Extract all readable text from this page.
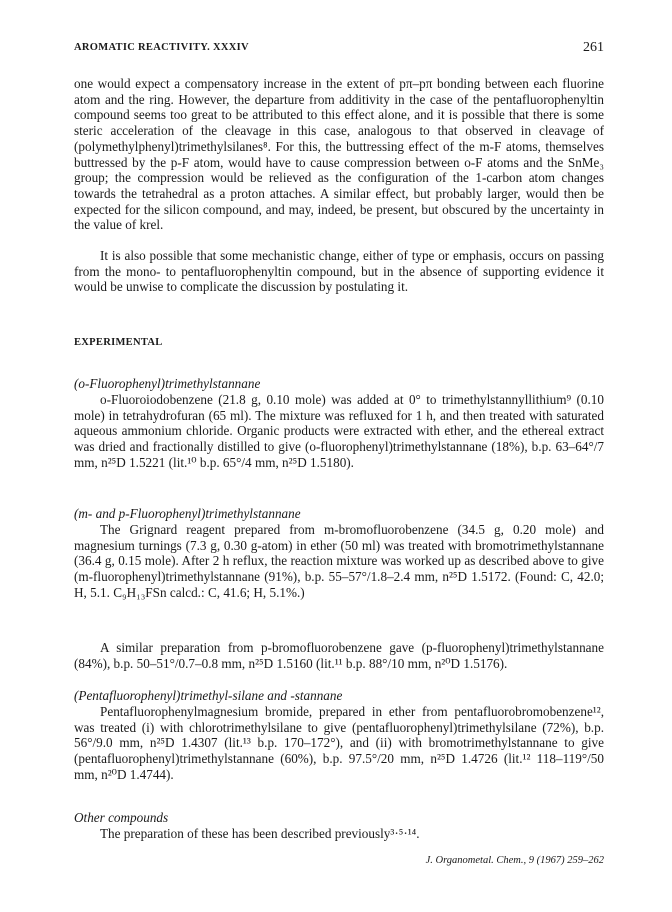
AROMATIC REACTIVITY. XXXIV	261

one would expect a compensatory increase in the extent of pπ–pπ bonding between each fluorine atom and the ring. However, the departure from additivity in the case of the pentafluorophenyltin compound seems too great to be attributed to this effect alone, and it is possible that there is some steric acceleration of the cleavage in this case, analogous to that observed in cleavage of (polymethylphenyl)trimethylsilanes⁸. For this, the buttressing effect of the m-F atoms, themselves buttressed by the p-F atom, would have to cause compression between o-F atoms and the SnMe₃ group; the compression would be relieved as the configuration of the 1-carbon atom changes towards the tetrahedral as a proton attaches. A similar effect, but probably larger, would then be expected for the silicon compound, and may, indeed, be present, but obscured by the uncertainty in the value of krel.

It is also possible that some mechanistic change, either of type or emphasis, occurs on passing from the mono- to pentafluorophenyltin compound, but in the absence of supporting evidence it would be unwise to complicate the discussion by postulating it.

EXPERIMENTAL
(o-Fluorophenyl)trimethylstannane

o-Fluoroiodobenzene (21.8 g, 0.10 mole) was added at 0° to trimethylstannyllithium⁹ (0.10 mole) in tetrahydrofuran (65 ml). The mixture was refluxed for 1 h, and then treated with saturated aqueous ammonium chloride. Organic products were extracted with ether, and the ethereal extract was dried and fractionally distilled to give (o-fluorophenyl)trimethylstannane (18%), b.p. 63–64°/7 mm, n²⁵D 1.5221 (lit.¹⁰ b.p. 65°/4 mm, n²⁵D 1.5180).

(m- and p-Fluorophenyl)trimethylstannane

The Grignard reagent prepared from m-bromofluorobenzene (34.5 g, 0.20 mole) and magnesium turnings (7.3 g, 0.30 g-atom) in ether (50 ml) was treated with bromotrimethylstannane (36.4 g, 0.15 mole). After 2 h reflux, the reaction mixture was worked up as described above to give (m-fluorophenyl)trimethylstannane (91%), b.p. 55–57°/1.8–2.4 mm, n²⁵D 1.5172. (Found: C, 42.0; H, 5.1. C₉H₁₃FSn calcd.: C, 41.6; H, 5.1%.)

A similar preparation from p-bromofluorobenzene gave (p-fluorophenyl)trimethylstannane (84%), b.p. 50–51°/0.7–0.8 mm, n²⁵D 1.5160 (lit.¹¹ b.p. 88°/10 mm, n²⁰D 1.5176).

(Pentafluorophenyl)trimethyl-silane and -stannane

Pentafluorophenylmagnesium bromide, prepared in ether from pentafluorobromobenzene¹², was treated (i) with chlorotrimethylsilane to give (pentafluorophenyl)trimethylsilane (72%), b.p. 56°/9.0 mm, n²⁵D 1.4307 (lit.¹³ b.p. 170–172°), and (ii) with bromotrimethylstannane to give (pentafluorophenyl)trimethylstannane (60%), b.p. 97.5°/20 mm, n²⁵D 1.4726 (lit.¹² 118–119°/50 mm, n²⁰D 1.4744).

Other compounds

The preparation of these has been described previously³·⁵·¹⁴.

J. Organometal. Chem., 9 (1967) 259–262
